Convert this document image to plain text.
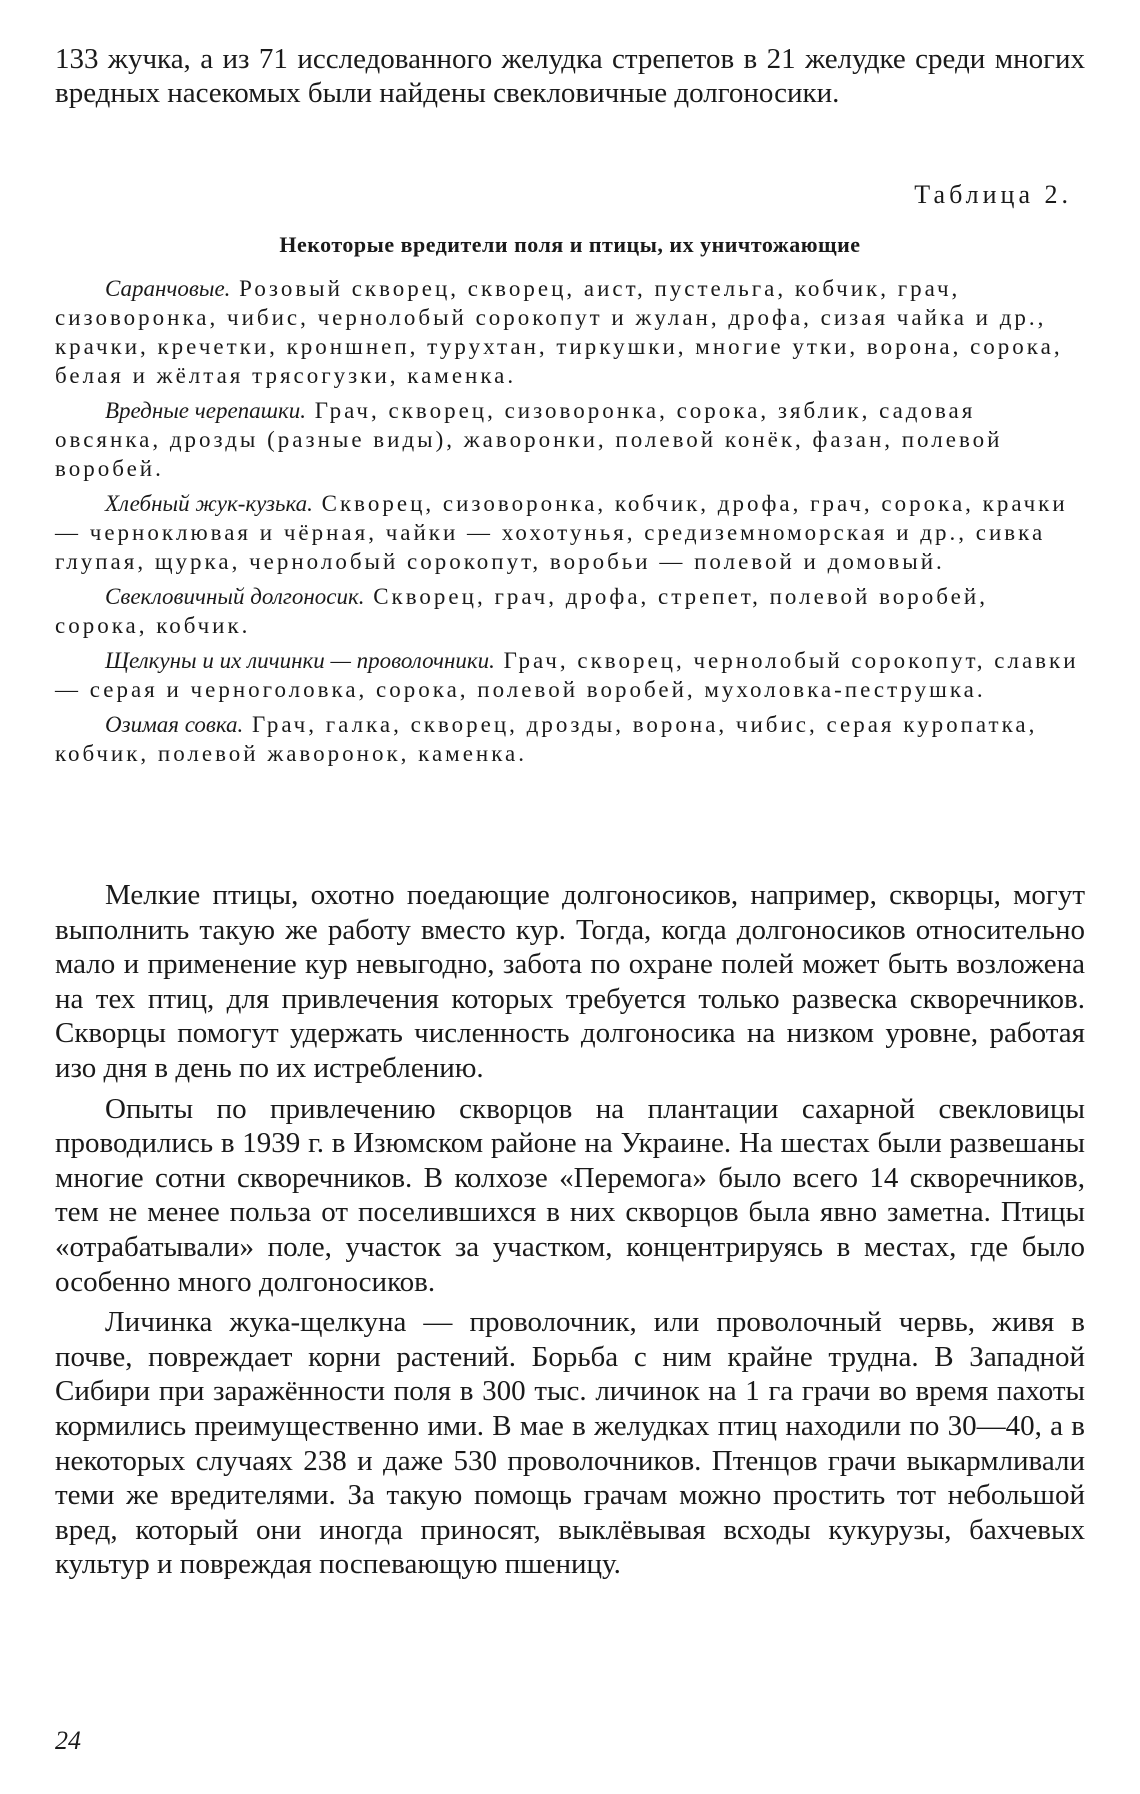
133 жучка, а из 71 исследованного желудка стрепетов в 21 желудке среди многих вредных насекомых были найдены свекловичные долгоносики.

Таблица 2.

Некоторые вредители поля и птицы, их уничтожающие

Саранчовые. Розовый скворец, скворец, аист, пустельга, кобчик, грач, сизоворонка, чибис, чернолобый сорокопут и жулан, дрофа, сизая чайка и др., крачки, кречетки, кроншнеп, турухтан, тиркушки, многие утки, ворона, сорока, белая и жёлтая трясогузки, каменка.

Вредные черепашки. Грач, скворец, сизоворонка, сорока, зяблик, садовая овсянка, дрозды (разные виды), жаворонки, полевой конёк, фазан, полевой воробей.

Хлебный жук-кузька. Скворец, сизоворонка, кобчик, дрофа, грач, сорока, крачки — черноклювая и чёрная, чайки — хохотунья, средиземноморская и др., сивка глупая, щурка, чернолобый сорокопут, воробьи — полевой и домовый.

Свекловичный долгоносик. Скворец, грач, дрофа, стрепет, полевой воробей, сорока, кобчик.

Щелкуны и их личинки — проволочники. Грач, скворец, чернолобый сорокопут, славки — серая и черноголовка, сорока, полевой воробей, мухоловка-пеструшка.

Озимая совка. Грач, галка, скворец, дрозды, ворона, чибис, серая куропатка, кобчик, полевой жаворонок, каменка.

Мелкие птицы, охотно поедающие долгоносиков, например, скворцы, могут выполнить такую же работу вместо кур. Тогда, когда долгоносиков относительно мало и применение кур невыгодно, забота по охране полей может быть возложена на тех птиц, для привлечения которых требуется только развеска скворечников. Скворцы помогут удержать численность долгоносика на низком уровне, работая изо дня в день по их истреблению.

Опыты по привлечению скворцов на плантации сахарной свекловицы проводились в 1939 г. в Изюмском районе на Украине. На шестах были развешаны многие сотни скворечников. В колхозе «Перемога» было всего 14 скворечников, тем не менее польза от поселившихся в них скворцов была явно заметна. Птицы «отрабатывали» поле, участок за участком, концентрируясь в местах, где было особенно много долгоносиков.

Личинка жука-щелкуна — проволочник, или проволочный червь, живя в почве, повреждает корни растений. Борьба с ним крайне трудна. В Западной Сибири при заражённости поля в 300 тыс. личинок на 1 га грачи во время пахоты кормились преимущественно ими. В мае в желудках птиц находили по 30—40, а в некоторых случаях 238 и даже 530 проволочников. Птенцов грачи выкармливали теми же вредителями. За такую помощь грачам можно простить тот небольшой вред, который они иногда приносят, выклёвывая всходы кукурузы, бахчевых культур и повреждая поспевающую пшеницу.

24
